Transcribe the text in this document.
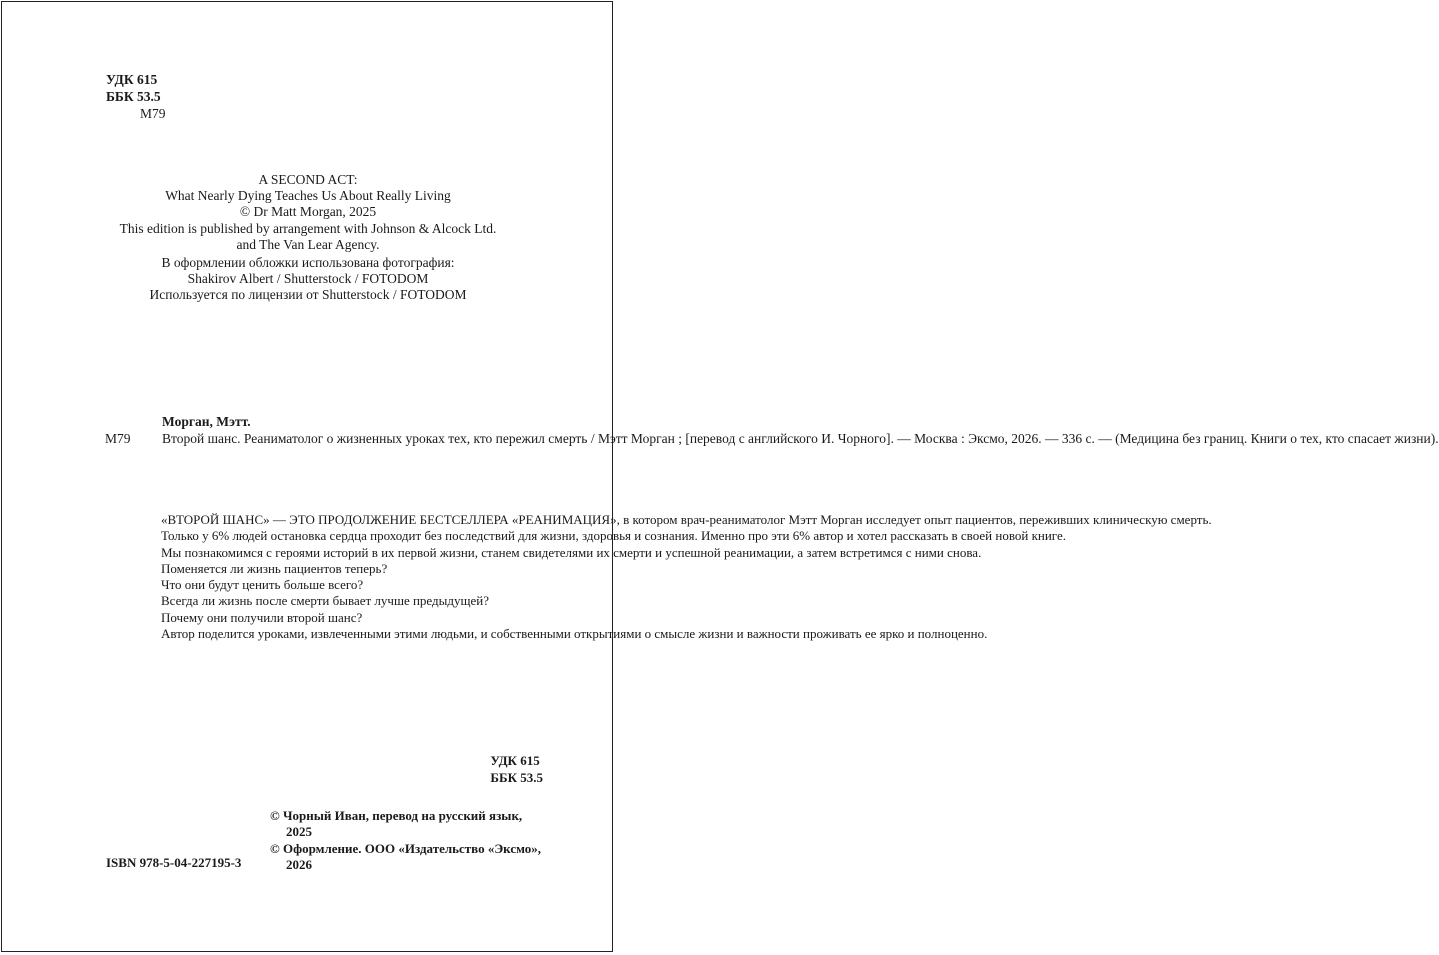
УДК 615
ББК 53.5
М79
A SECOND ACT:
What Nearly Dying Teaches Us About Really Living
© Dr Matt Morgan, 2025
This edition is published by arrangement with Johnson & Alcock Ltd.
and The Van Lear Agency.
В оформлении обложки использована фотография:
Shakirov Albert / Shutterstock / FOTODOM
Используется по лицензии от Shutterstock / FOTODOM
Морган, Мэтт.
М79	Второй шанс. Реаниматолог о жизненных уроках тех, кто пережил смерть / Мэтт Морган ; [перевод с английского И. Чорного]. — Москва : Эксмо, 2026. — 336 с. — (Медицина без границ. Книги о тех, кто спасает жизни).

«ВТОРОЙ ШАНС» — ЭТО ПРОДОЛЖЕНИЕ БЕСТСЕЛЛЕРА «РЕАНИМАЦИЯ», в котором врач-реаниматолог Мэтт Морган исследует опыт пациентов, переживших клиническую смерть.

Только у 6% людей остановка сердца проходит без последствий для жизни, здоровья и сознания. Именно про эти 6% автор и хотел рассказать в своей новой книге.

Мы познакомимся с героями историй в их первой жизни, станем свидетелями их смерти и успешной реанимации, а затем встретимся с ними снова.

Поменяется ли жизнь пациентов теперь?

Что они будут ценить больше всего?

Всегда ли жизнь после смерти бывает лучше предыдущей?

Почему они получили второй шанс?

Автор поделится уроками, извлеченными этими людьми, и собственными открытиями о смысле жизни и важности проживать ее ярко и полноценно.

УДК 615
ББК 53.5
© Чорный Иван, перевод на русский язык,
2025
© Оформление. ООО «Издательство «Эксмо»,
2026
ISBN 978-5-04-227195-3
